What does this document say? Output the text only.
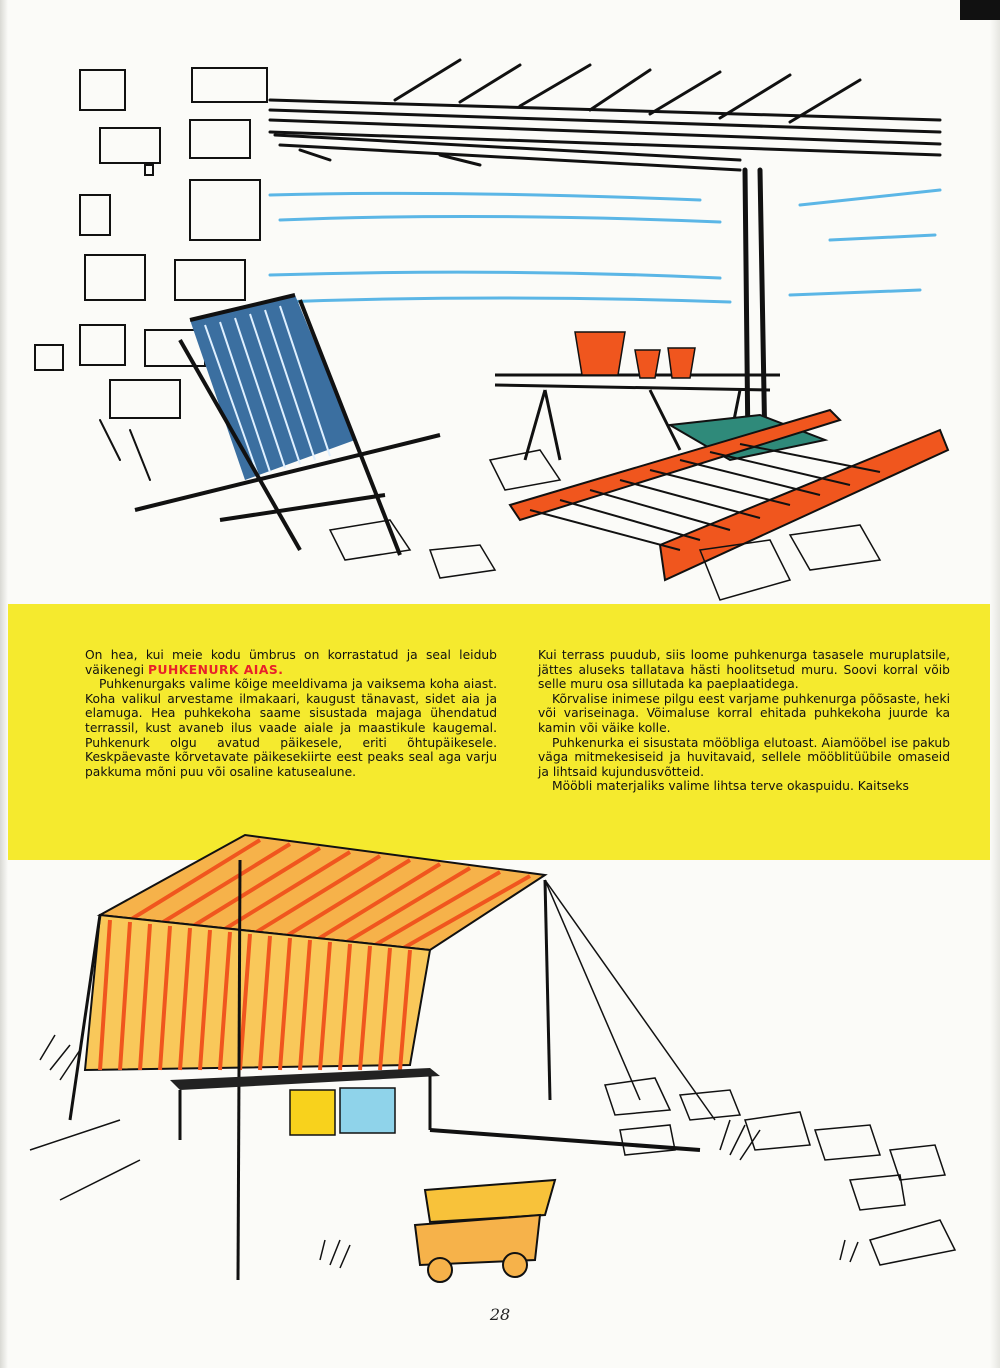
On hea, kui meie kodu ümbrus on korrastatud ja seal leidub väikenegi PUHKENURK AIAS.

Puhkenurgaks valime kõige meeldivama ja vaiksema koha aiast. Koha valikul arvestame ilmakaari, kaugust tänavast, sidet aia ja elamuga. Hea puhkekoha saame sisustada majaga ühendatud terrassil, kust avaneb ilus vaade aiale ja maastikule kaugemal. Puhkenurk olgu avatud päikesele, eriti õhtupäikesele. Keskpäevaste kõrvetavate päikesekiirte eest peaks seal aga varju pakkuma mõni puu või osaline katusealune.

Kui terrass puudub, siis loome puhkenurga tasasele muruplatsile, jättes aluseks tallatava hästi hoolitsetud muru. Soovi korral võib selle muru osa sillutada ka paeplaatidega.

Kõrvalise inimese pilgu eest varjame puhkenurga põõsaste, heki või variseinaga. Võimaluse korral ehitada puhkekoha juurde ka kamin või väike kolle.

Puhkenurka ei sisustata mööbliga elutoast. Aiamööbel ise pakub väga mitmekesiseid ja huvitavaid, sellele mööblitüübile omaseid ja lihtsaid kujundusvõtteid.

Mööbli materjaliks valime lihtsa terve okaspuidu. Kaitseks

28
